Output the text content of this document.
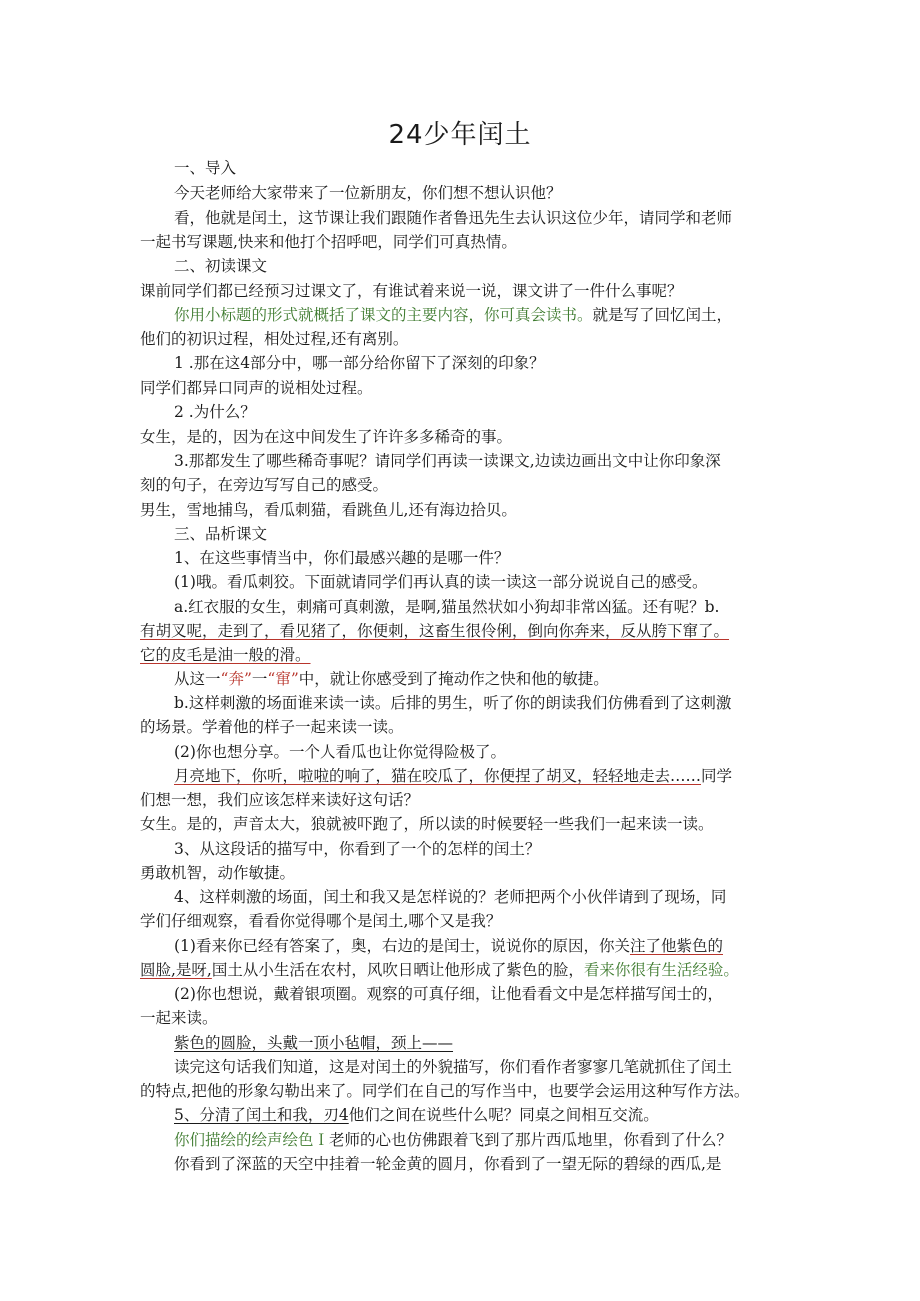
24少年闰土
一、导入
今天老师给大家带来了一位新朋友，你们想不想认识他？
看，他就是闰土，这节课让我们跟随作者鲁迅先生去认识这位少年，请同学和老师
一起书写课题,快来和他打个招呼吧，同学们可真热情。
二、初读课文
课前同学们都已经预习过课文了，有谁试着来说一说，课文讲了一件什么事呢？
你用小标题的形式就概括了课文的主要内容，你可真会读书。就是写了回忆闰土，
他们的初识过程，相处过程,还有离别。
1 .那在这4部分中，哪一部分给你留下了深刻的印象？
同学们都异口同声的说相处过程。
2 .为什么？
女生，是的，因为在这中间发生了许许多多稀奇的事。
3.那都发生了哪些稀奇事呢？请同学们再读一读课文,边读边画出文中让你印象深
刻的句子，在旁边写写自己的感受。
男生，雪地捕鸟，看瓜刺猫，看跳鱼儿,还有海边拾贝。
三、品析课文
1、在这些事情当中，你们最感兴趣的是哪一件？
(1)哦。看瓜刺狡。下面就请同学们再认真的读一读这一部分说说自己的感受。
a.红衣服的女生，刺痛可真刺激，是啊,猫虽然状如小狗却非常凶猛。还有呢？b.
有胡叉呢，走到了，看见猪了，你便刺，这畜生很伶俐，倒向你奔来，反从胯下窜了。
它的皮毛是油一般的滑。
从这一“奔”一“窜”中，就让你感受到了掩动作之快和他的敏捷。
b.这样刺激的场面谁来读一读。后排的男生，听了你的朗读我们仿佛看到了这刺激
的场景。学着他的样子一起来读一读。
(2)你也想分享。一个人看瓜也让你觉得险极了。
月亮地下，你听，啦啦的响了，猫在咬瓜了，你便捏了胡叉，轻轻地走去……同学
们想一想，我们应该怎样来读好这句话？
女生。是的，声音太大，狼就被吓跑了，所以读的时候要轻一些我们一起来读一读。
3、从这段话的描写中，你看到了一个的怎样的闰土？
勇敢机智，动作敏捷。
4、这样刺激的场面，闰土和我又是怎样说的？老师把两个小伙伴请到了现场，同
学们仔细观察，看看你觉得哪个是闰土,哪个又是我？
(1)看来你已经有答案了，奥，右边的是闰士，说说你的原因，你关注了他紫色的
圆脸,是呀,国土从小生活在农村，风吹日晒让他形成了紫色的脸，看来你很有生活经验。
(2)你也想说，戴着银项圈。观察的可真仔细，让他看看文中是怎样描写闰士的，
一起来读。
紫色的圆脸，头戴一顶小毡帽，颈上——
读完这句话我们知道，这是对闰土的外貌描写，你们看作者寥寥几笔就抓住了闰土
的特点,把他的形象勾勒出来了。同学们在自己的写作当中，也要学会运用这种写作方法。
5、分清了闰土和我，刃4他们之间在说些什么呢？同桌之间相互交流。
你们描绘的绘声绘色Ｉ老师的心也仿佛跟着飞到了那片西瓜地里，你看到了什么？
你看到了深蓝的天空中挂着一轮金黄的圆月，你看到了一望无际的碧绿的西瓜,是
